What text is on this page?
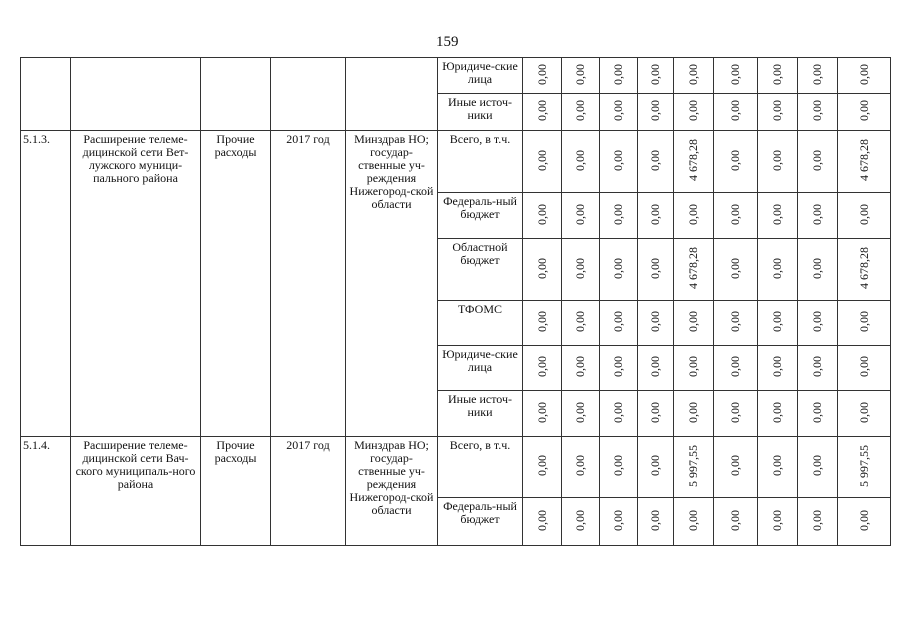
159
					Юридиче-ские лица	0,00	0,00	0,00	0,00	0,00	0,00	0,00	0,00	0,00
					Иные источ-ники	0,00	0,00	0,00	0,00	0,00	0,00	0,00	0,00	0,00
5.1.3.	Расширение телеме-дицинской сети Вет-лужского муници-пального района	Прочие расходы	2017 год	Минздрав НО; государ-ственные уч-реждения Нижегород-ской области	Всего, в т.ч.	0,00	0,00	0,00	0,00	4 678,28	0,00	0,00	0,00	4 678,28
					Федераль-ный бюджет	0,00	0,00	0,00	0,00	0,00	0,00	0,00	0,00	0,00
					Областной бюджет	0,00	0,00	0,00	0,00	4 678,28	0,00	0,00	0,00	4 678,28
					ТФОМС	0,00	0,00	0,00	0,00	0,00	0,00	0,00	0,00	0,00
					Юридиче-ские лица	0,00	0,00	0,00	0,00	0,00	0,00	0,00	0,00	0,00
					Иные источ-ники	0,00	0,00	0,00	0,00	0,00	0,00	0,00	0,00	0,00
5.1.4.	Расширение телеме-дицинской сети Вач-ского муниципаль-ного района	Прочие расходы	2017 год	Минздрав НО; государ-ственные уч-реждения Нижегород-ской области	Всего, в т.ч.	0,00	0,00	0,00	0,00	5 997,55	0,00	0,00	0,00	5 997,55
					Федераль-ный бюджет	0,00	0,00	0,00	0,00	0,00	0,00	0,00	0,00	0,00
